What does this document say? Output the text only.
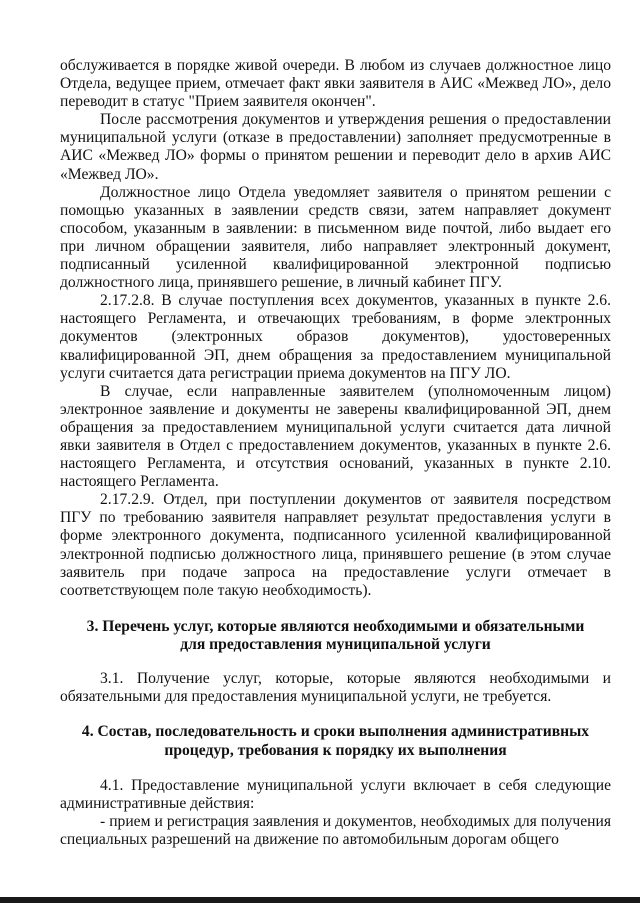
обслуживается в порядке живой очереди. В любом из случаев должностное лицо Отдела, ведущее прием, отмечает факт явки заявителя в АИС «Межвед ЛО», дело переводит в статус "Прием заявителя окончен".

После рассмотрения документов и утверждения решения о предоставлении муниципальной услуги (отказе в предоставлении) заполняет предусмотренные в АИС «Межвед ЛО» формы о принятом решении и переводит дело в архив АИС «Межвед ЛО».

Должностное лицо Отдела уведомляет заявителя о принятом решении с помощью указанных в заявлении средств связи, затем направляет документ способом, указанным в заявлении: в письменном виде почтой, либо выдает его при личном обращении заявителя, либо направляет электронный документ, подписанный усиленной квалифицированной электронной подписью должностного лица, принявшего решение, в личный кабинет ПГУ.

2.17.2.8. В случае поступления всех документов, указанных в пункте 2.6. настоящего Регламента, и отвечающих требованиям, в форме электронных документов (электронных образов документов), удостоверенных квалифицированной ЭП, днем обращения за предоставлением муниципальной услуги считается дата регистрации приема документов на ПГУ ЛО.

В случае, если направленные заявителем (уполномоченным лицом) электронное заявление и документы не заверены квалифицированной ЭП, днем обращения за предоставлением муниципальной услуги считается дата личной явки заявителя в Отдел с предоставлением документов, указанных в пункте 2.6. настоящего Регламента, и отсутствия оснований, указанных в пункте 2.10. настоящего Регламента.

2.17.2.9. Отдел, при поступлении документов от заявителя посредством ПГУ по требованию заявителя направляет результат предоставления услуги в форме электронного документа, подписанного усиленной квалифицированной электронной подписью должностного лица, принявшего решение (в этом случае заявитель при подаче запроса на предоставление услуги отмечает в соответствующем поле такую необходимость).

3. Перечень услуг, которые являются необходимыми и обязательными

для предоставления муниципальной услуги

3.1. Получение услуг, которые, которые являются необходимыми и обязательными для предоставления муниципальной услуги, не требуется.

4. Состав, последовательность и сроки выполнения административных

процедур, требования к порядку их выполнения

4.1. Предоставление муниципальной услуги включает в себя следующие административные действия:

- прием и регистрация заявления и документов, необходимых для получения специальных разрешений на движение по автомобильным дорогам общего
